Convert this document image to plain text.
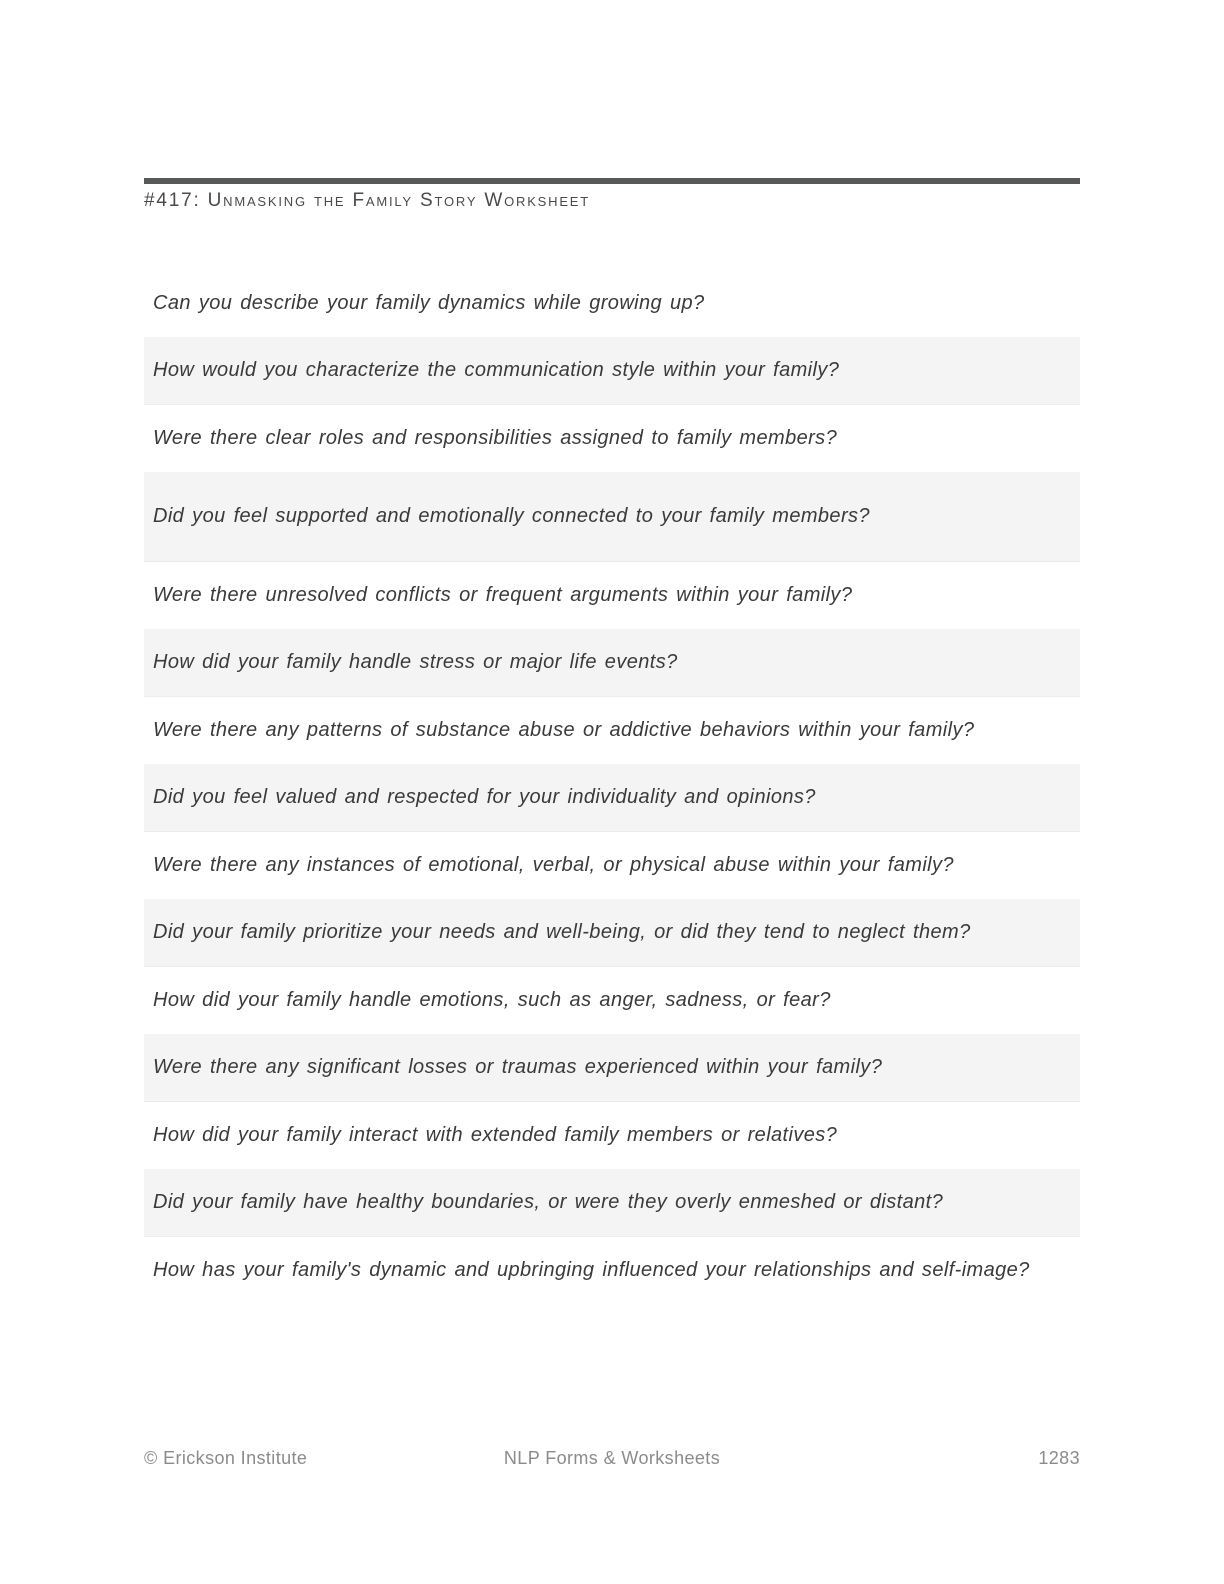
#417: Unmasking the Family Story Worksheet
Can you describe your family dynamics while growing up?
How would you characterize the communication style within your family?
Were there clear roles and responsibilities assigned to family members?
Did you feel supported and emotionally connected to your family members?
Were there unresolved conflicts or frequent arguments within your family?
How did your family handle stress or major life events?
Were there any patterns of substance abuse or addictive behaviors within your family?
Did you feel valued and respected for your individuality and opinions?
Were there any instances of emotional, verbal, or physical abuse within your family?
Did your family prioritize your needs and well-being, or did they tend to neglect them?
How did your family handle emotions, such as anger, sadness, or fear?
Were there any significant losses or traumas experienced within your family?
How did your family interact with extended family members or relatives?
Did your family have healthy boundaries, or were they overly enmeshed or distant?
How has your family's dynamic and upbringing influenced your relationships and self-image?
© Erickson Institute	NLP Forms & Worksheets	1283
